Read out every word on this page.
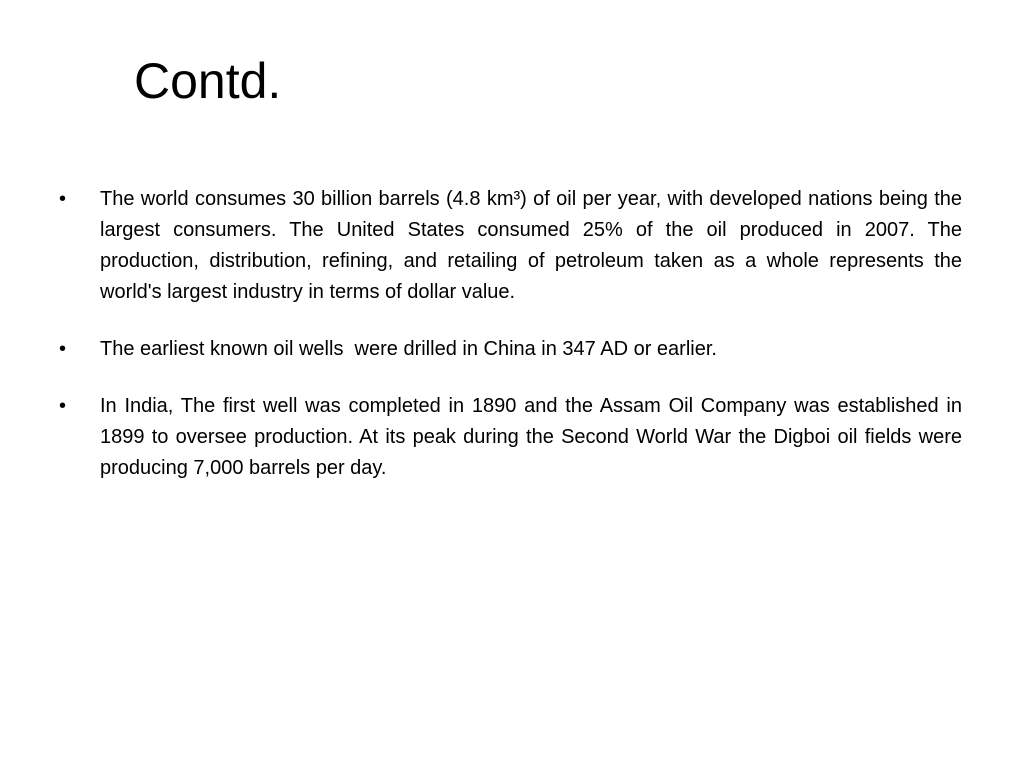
Contd.
•	The world consumes 30 billion barrels (4.8 km³) of oil per year, with developed nations being the largest consumers. The United States consumed 25% of the oil produced in 2007. The production, distribution, refining, and retailing of petroleum taken as a whole represents the world's largest industry in terms of dollar value.
•	The earliest known oil wells  were drilled in China in 347 AD or earlier.
•	In India, The first well was completed in 1890 and the Assam Oil Company was established in 1899 to oversee production. At its peak during the Second World War the Digboi oil fields were producing 7,000 barrels per day.
